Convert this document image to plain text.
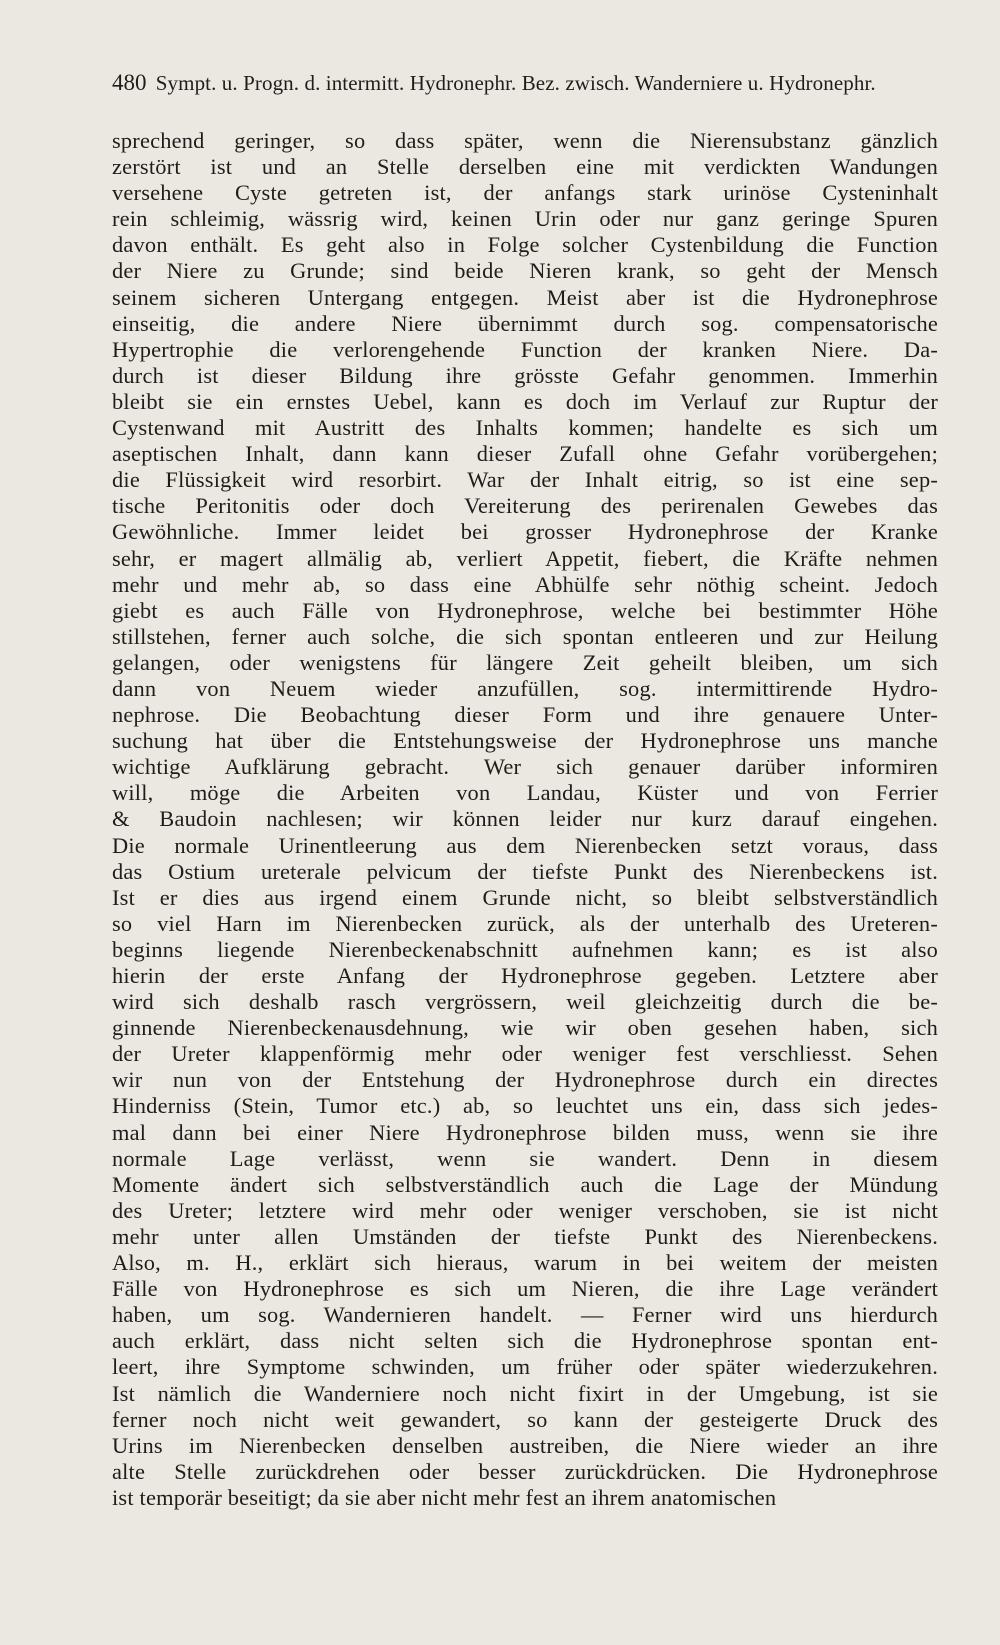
480 Sympt. u. Progn. d. intermitt. Hydronephr. Bez. zwisch. Wanderniere u. Hydronephr.
sprechend geringer, so dass später, wenn die Nierensubstanz gänzlich
zerstört ist und an Stelle derselben eine mit verdickten Wandungen
versehene Cyste getreten ist, der anfangs stark urinöse Cysteninhalt
rein schleimig, wässrig wird, keinen Urin oder nur ganz geringe Spuren
davon enthält. Es geht also in Folge solcher Cystenbildung die Function
der Niere zu Grunde; sind beide Nieren krank, so geht der Mensch
seinem sicheren Untergang entgegen. Meist aber ist die Hydronephrose
einseitig, die andere Niere übernimmt durch sog. compensatorische
Hypertrophie die verlorengehende Function der kranken Niere. Da-
durch ist dieser Bildung ihre grösste Gefahr genommen. Immerhin
bleibt sie ein ernstes Uebel, kann es doch im Verlauf zur Ruptur der
Cystenwand mit Austritt des Inhalts kommen; handelte es sich um
aseptischen Inhalt, dann kann dieser Zufall ohne Gefahr vorübergehen;
die Flüssigkeit wird resorbirt. War der Inhalt eitrig, so ist eine sep-
tische Peritonitis oder doch Vereiterung des perirenalen Gewebes das
Gewöhnliche. Immer leidet bei grosser Hydronephrose der Kranke
sehr, er magert allmälig ab, verliert Appetit, fiebert, die Kräfte nehmen
mehr und mehr ab, so dass eine Abhülfe sehr nöthig scheint. Jedoch
giebt es auch Fälle von Hydronephrose, welche bei bestimmter Höhe
stillstehen, ferner auch solche, die sich spontan entleeren und zur Heilung
gelangen, oder wenigstens für längere Zeit geheilt bleiben, um sich
dann von Neuem wieder anzufüllen, sog. intermittirende Hydro-
nephrose. Die Beobachtung dieser Form und ihre genauere Unter-
suchung hat über die Entstehungsweise der Hydronephrose uns manche
wichtige Aufklärung gebracht. Wer sich genauer darüber informiren
will, möge die Arbeiten von Landau, Küster und von Ferrier
& Baudoin nachlesen; wir können leider nur kurz darauf eingehen.
Die normale Urinentleerung aus dem Nierenbecken setzt voraus, dass
das Ostium ureterale pelvicum der tiefste Punkt des Nierenbeckens ist.
Ist er dies aus irgend einem Grunde nicht, so bleibt selbstverständlich
so viel Harn im Nierenbecken zurück, als der unterhalb des Ureteren-
beginns liegende Nierenbeckenabschnitt aufnehmen kann; es ist also
hierin der erste Anfang der Hydronephrose gegeben. Letztere aber
wird sich deshalb rasch vergrössern, weil gleichzeitig durch die be-
ginnende Nierenbeckenausdehnung, wie wir oben gesehen haben, sich
der Ureter klappenförmig mehr oder weniger fest verschliesst. Sehen
wir nun von der Entstehung der Hydronephrose durch ein directes
Hinderniss (Stein, Tumor etc.) ab, so leuchtet uns ein, dass sich jedes-
mal dann bei einer Niere Hydronephrose bilden muss, wenn sie ihre
normale Lage verlässt, wenn sie wandert. Denn in diesem
Momente ändert sich selbstverständlich auch die Lage der Mündung
des Ureter; letztere wird mehr oder weniger verschoben, sie ist nicht
mehr unter allen Umständen der tiefste Punkt des Nierenbeckens.
Also, m. H., erklärt sich hieraus, warum in bei weitem der meisten
Fälle von Hydronephrose es sich um Nieren, die ihre Lage verändert
haben, um sog. Wandernieren handelt. — Ferner wird uns hierdurch
auch erklärt, dass nicht selten sich die Hydronephrose spontan ent-
leert, ihre Symptome schwinden, um früher oder später wiederzukehren.
Ist nämlich die Wanderniere noch nicht fixirt in der Umgebung, ist sie
ferner noch nicht weit gewandert, so kann der gesteigerte Druck des
Urins im Nierenbecken denselben austreiben, die Niere wieder an ihre
alte Stelle zurückdrehen oder besser zurückdrücken. Die Hydronephrose
ist temporär beseitigt; da sie aber nicht mehr fest an ihrem anatomischen
